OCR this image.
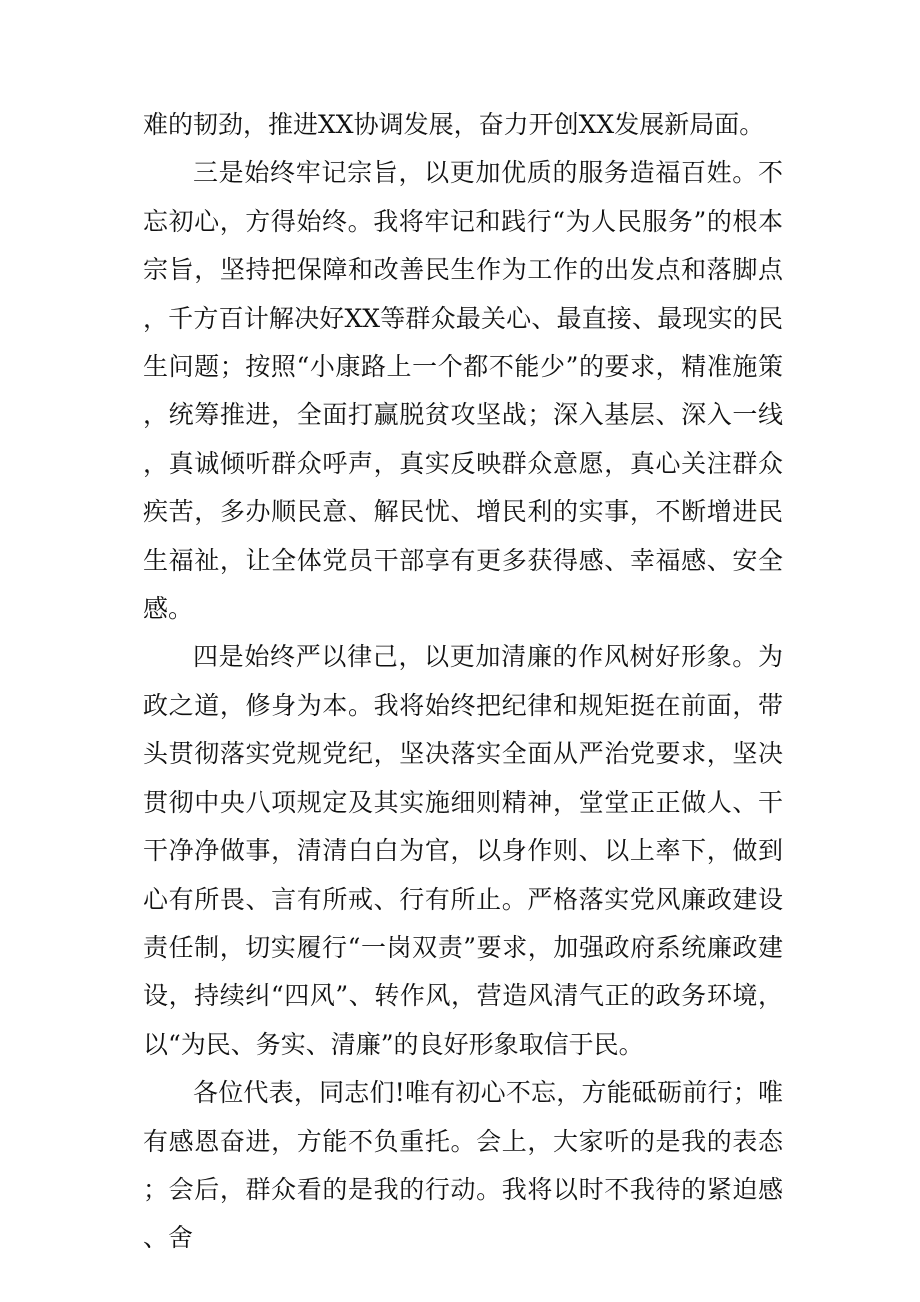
难的韧劲，推进XX协调发展，奋力开创XX发展新局面。

三是始终牢记宗旨，以更加优质的服务造福百姓。不忘初心，方得始终。我将牢记和践行“为人民服务”的根本宗旨，坚持把保障和改善民生作为工作的出发点和落脚点，千方百计解决好XX等群众最关心、最直接、最现实的民生问题；按照“小康路上一个都不能少”的要求，精准施策，统筹推进，全面打赢脱贫攻坚战；深入基层、深入一线，真诚倾听群众呼声，真实反映群众意愿，真心关注群众疾苦，多办顺民意、解民忧、增民利的实事，不断增进民生福祉，让全体党员干部享有更多获得感、幸福感、安全感。

四是始终严以律己，以更加清廉的作风树好形象。为政之道，修身为本。我将始终把纪律和规矩挺在前面，带头贯彻落实党规党纪，坚决落实全面从严治党要求，坚决贯彻中央八项规定及其实施细则精神，堂堂正正做人、干干净净做事，清清白白为官，以身作则、以上率下，做到心有所畏、言有所戒、行有所止。严格落实党风廉政建设责任制，切实履行“一岗双责”要求，加强政府系统廉政建设，持续纠“四风”、转作风，营造风清气正的政务环境，以“为民、务实、清廉”的良好形象取信于民。

各位代表，同志们!唯有初心不忘，方能砥砺前行；唯有感恩奋进，方能不负重托。会上，大家听的是我的表态；会后，群众看的是我的行动。我将以时不我待的紧迫感、舍
